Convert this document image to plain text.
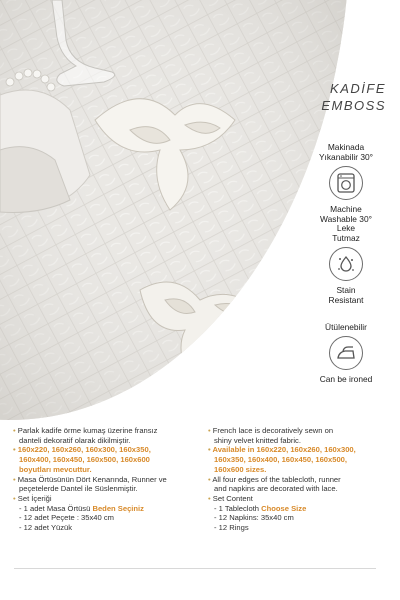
KADİFE
EMBOSS
Makinada Yıkanabilir 30°
Machine Washable 30°
Leke Tutmaz
Stain Resistant
Ütülenebilir
Can be ironed
• Parlak kadife örme kumaş üzerine fransız
danteli dekoratif olarak dikilmiştir.
• 160x220, 160x260, 160x300, 160x350,
160x400, 160x450, 160x500, 160x600
boyutları mevcuttur.
• Masa Örtüsünün Dört Kenarında, Runner ve
peçetelerde Dantel ile Süslenmiştir.
• Set İçeriği
- 1 adet Masa Örtüsü Beden Seçiniz
- 12 adet Peçete : 35x40 cm
- 12 adet Yüzük
• French lace is decoratively sewn on
shiny velvet knitted fabric.
• Available in 160x220, 160x260, 160x300,
160x350, 160x400, 160x450, 160x500,
160x600 sizes.
• All four edges of the tablecloth, runner
and napkins are decorated with lace.
• Set Content
- 1 Tablecloth Choose Size
- 12 Napkins: 35x40 cm
- 12 Rings
